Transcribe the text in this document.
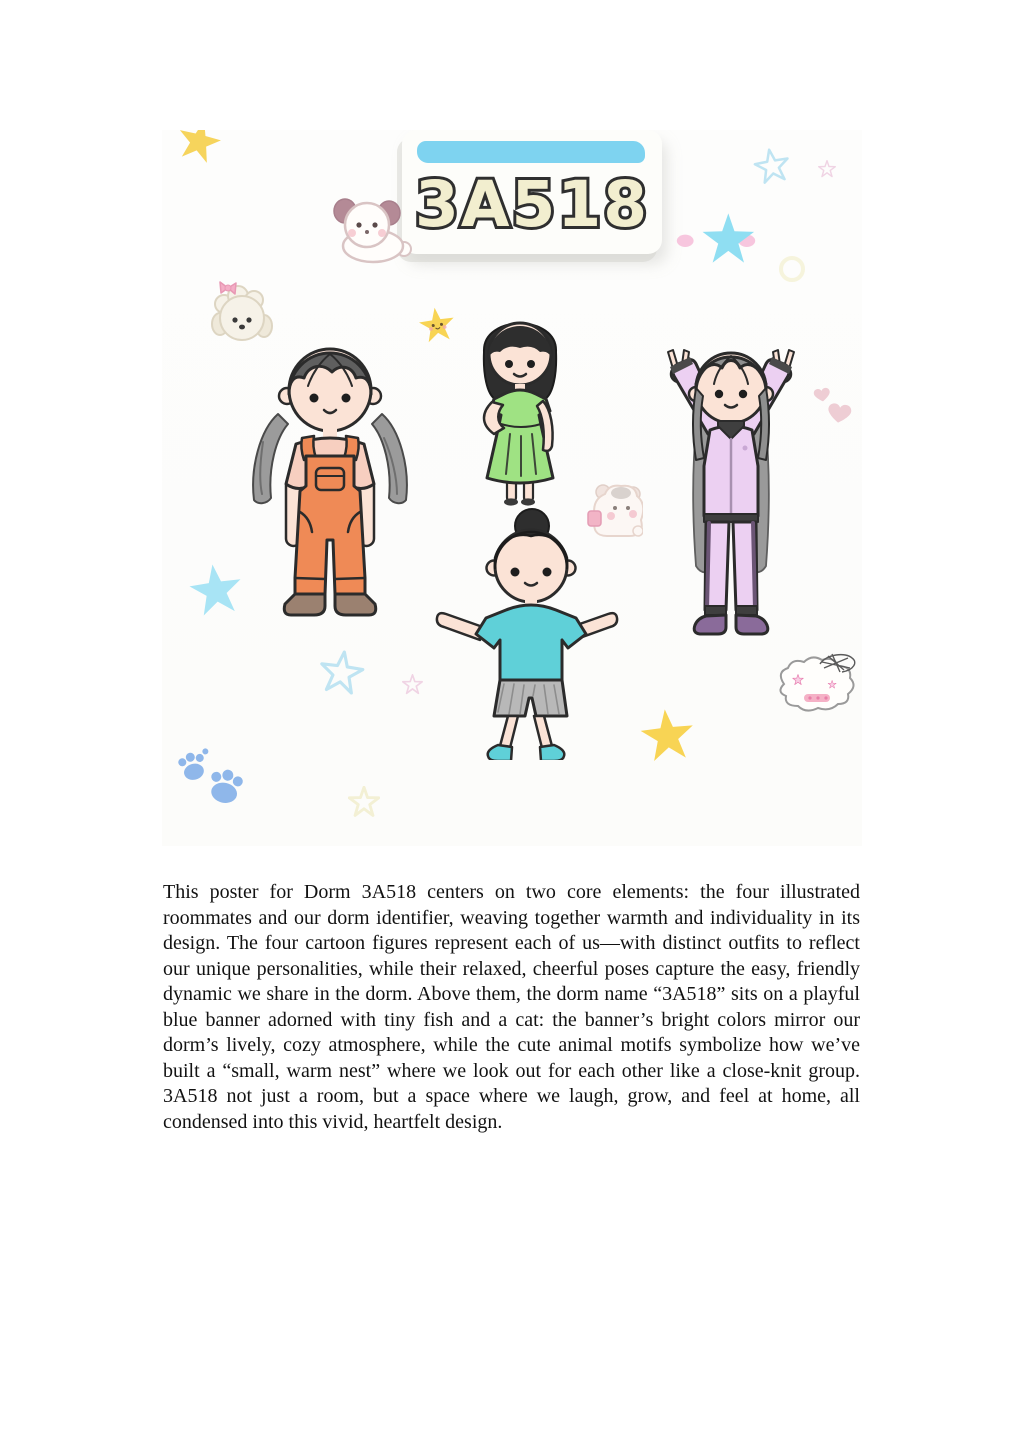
3A518

This poster for Dorm 3A518 centers on two core elements: the four illustrated roommates and our dorm identifier, weaving together warmth and individuality in its design. The four cartoon figures represent each of us—with distinct outfits to reflect our unique personalities, while their relaxed, cheerful poses capture the easy, friendly dynamic we share in the dorm. Above them, the dorm name “3A518” sits on a playful blue banner adorned with tiny fish and a cat: the banner’s bright colors mirror our dorm’s lively, cozy atmosphere, while the cute animal motifs symbolize how we’ve built a “small, warm nest” where we look out for each other like a close-knit group. 3A518 not just a room, but a space where we laugh, grow, and feel at home, all condensed into this vivid, heartfelt design.
